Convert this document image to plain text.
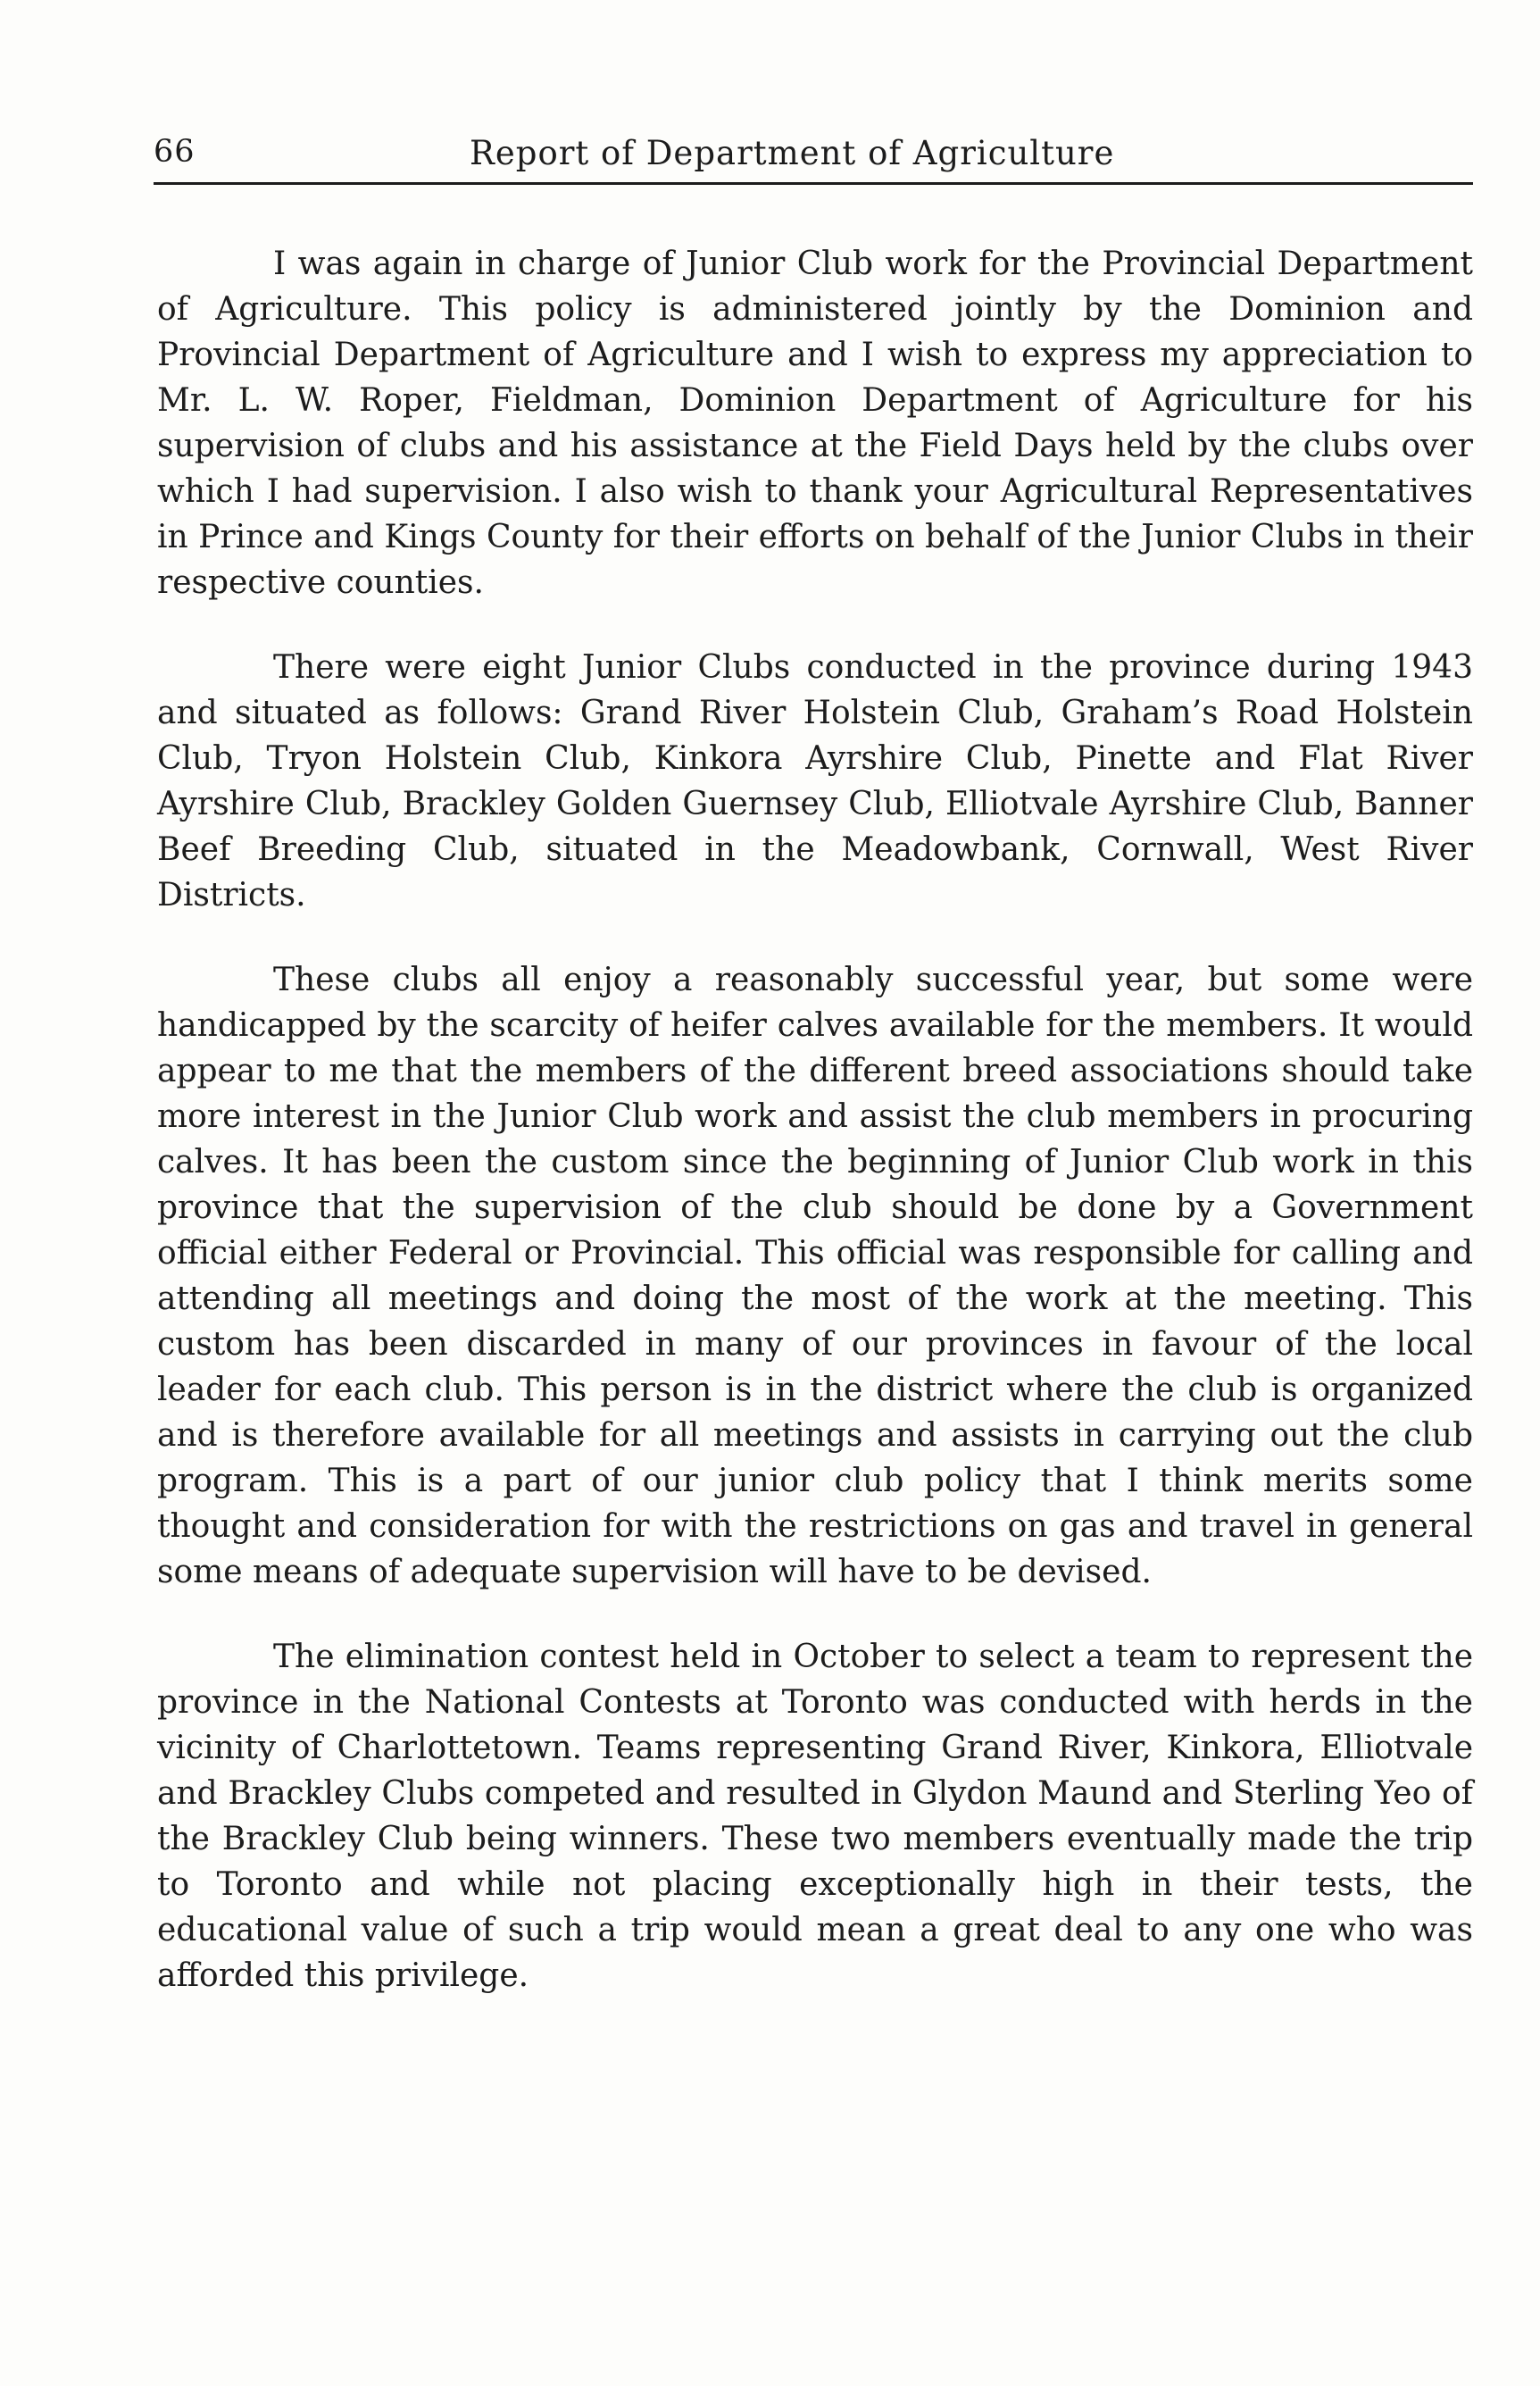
66	Report of Department of Agriculture

I was again in charge of Junior Club work for the Provincial Department of Agriculture. This policy is administered jointly by the Dominion and Provincial Department of Agriculture and I wish to express my appreciation to Mr. L. W. Roper, Fieldman, Dominion Department of Agriculture for his supervision of clubs and his assistance at the Field Days held by the clubs over which I had supervision. I also wish to thank your Agricultural Representatives in Prince and Kings County for their efforts on behalf of the Junior Clubs in their respective counties.

There were eight Junior Clubs conducted in the province during 1943 and situated as follows: Grand River Holstein Club, Graham’s Road Holstein Club, Tryon Holstein Club, Kinkora Ayrshire Club, Pinette and Flat River Ayrshire Club, Brackley Golden Guernsey Club, Elliotvale Ayrshire Club, Banner Beef Breeding Club, situated in the Meadowbank, Cornwall, West River Districts.

These clubs all enjoy a reasonably successful year, but some were handicapped by the scarcity of heifer calves available for the members. It would appear to me that the members of the different breed associations should take more interest in the Junior Club work and assist the club members in procuring calves. It has been the custom since the beginning of Junior Club work in this province that the supervision of the club should be done by a Government official either Federal or Provincial. This official was responsible for calling and attending all meetings and doing the most of the work at the meeting. This custom has been discarded in many of our provinces in favour of the local leader for each club. This person is in the district where the club is organized and is therefore available for all meetings and assists in carrying out the club program. This is a part of our junior club policy that I think merits some thought and consideration for with the restrictions on gas and travel in general some means of adequate supervision will have to be devised.

The elimination contest held in October to select a team to represent the province in the National Contests at Toronto was conducted with herds in the vicinity of Charlottetown. Teams representing Grand River, Kinkora, Elliotvale and Brackley Clubs competed and resulted in Glydon Maund and Sterling Yeo of the Brackley Club being winners. These two members eventually made the trip to Toronto and while not placing exceptionally high in their tests, the educational value of such a trip would mean a great deal to any one who was afforded this privilege.
